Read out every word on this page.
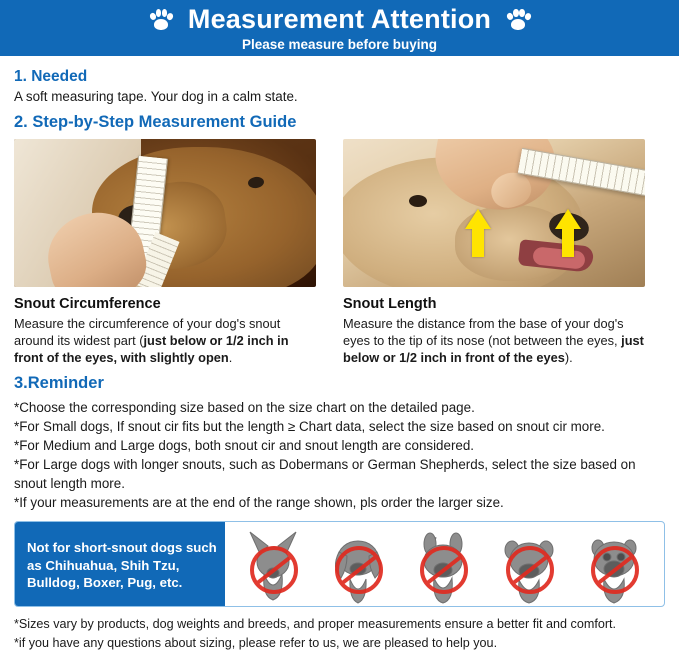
Measurement Attention
Please measure before buying
1. Needed
A soft measuring tape. Your dog in a calm state.
2. Step-by-Step Measurement Guide
Snout Circumference
Measure the circumference of your dog's snout around its widest part (just below or 1/2 inch in front of the eyes, with slightly open.
Snout Length
Measure the distance from the base of your dog's eyes to the tip of its nose (not between the eyes, just below or 1/2 inch in front of the eyes).
3.Reminder
*Choose the corresponding size based on the size chart on the detailed page.
*For Small dogs, If snout cir fits but the length ≥ Chart data, select the size based on snout cir more.
*For Medium and Large dogs, both snout cir and snout length are considered.
*For Large dogs with longer snouts, such as Dobermans or German Shepherds, select the size based on snout length more.
*If your measurements are at the end of the range shown, pls order the larger size.
Not for short-snout dogs such as Chihuahua, Shih Tzu, Bulldog, Boxer, Pug, etc.
*Sizes vary by products, dog weights and breeds, and proper measurements ensure a better fit and comfort.
*if you have any questions about sizing, please refer to us, we are pleased to help you.
